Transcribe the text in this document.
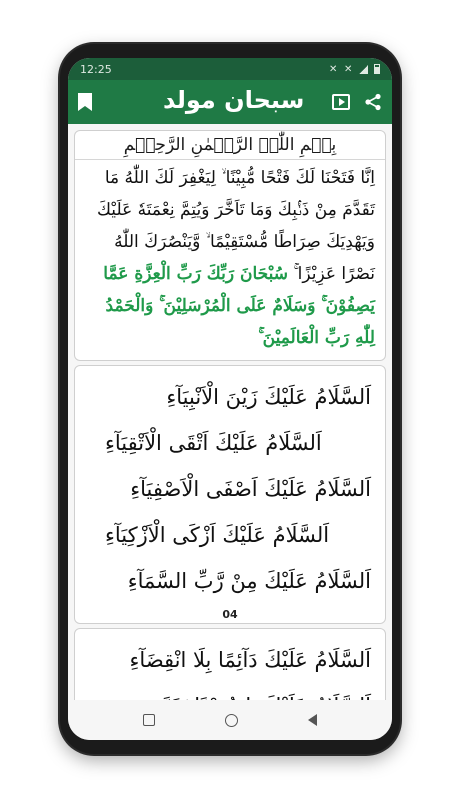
12:25	✕ ✕
سبحان مولد
بِسۡمِ اللّٰہِ الرَّحۡمٰنِ الرَّحِیۡمِ
اِنَّا فَتَحْنَا لَكَ فَتْحًا مُّبِيْنًا ۙ لِيَغْفِرَ لَكَ اللّٰهُ مَا تَقَدَّمَ مِنْ ذَنْۢبِكَ وَمَا تَاَخَّرَ وَيُتِمَّ نِعْمَتَهٗ عَلَيْكَ وَيَهْدِيَكَ صِرَاطًا مُّسْتَقِيْمًا ۙ وَّيَنْصُرَكَ اللّٰهُ نَصْرًا عَزِيْزًا ۚ سُبْحَانَ رَبِّكَ رَبِّ الْعِزَّةِ عَمَّا يَصِفُوْنَ ۚ وَسَلَامٌ عَلَى الْمُرْسَلِيْنَ ۚ وَالْحَمْدُ لِلّٰهِ رَبِّ الْعَالَمِيْنَ ۚ
اَلسَّلَامُ عَلَيْكَ زَيْنَ الْاَنْبِيَآءِ
اَلسَّلَامُ عَلَيْكَ اَتْقَى الْاَتْقِيَآءِ
اَلسَّلَامُ عَلَيْكَ اَصْفَى الْاَصْفِيَآءِ
اَلسَّلَامُ عَلَيْكَ اَزْكَى الْاَزْكِيَآءِ
اَلسَّلَامُ عَلَيْكَ مِنْ رَّبِّ السَّمَآءِ
04
اَلسَّلَامُ عَلَيْكَ دَآئِمًا بِلَا انْقِضَآءِ
